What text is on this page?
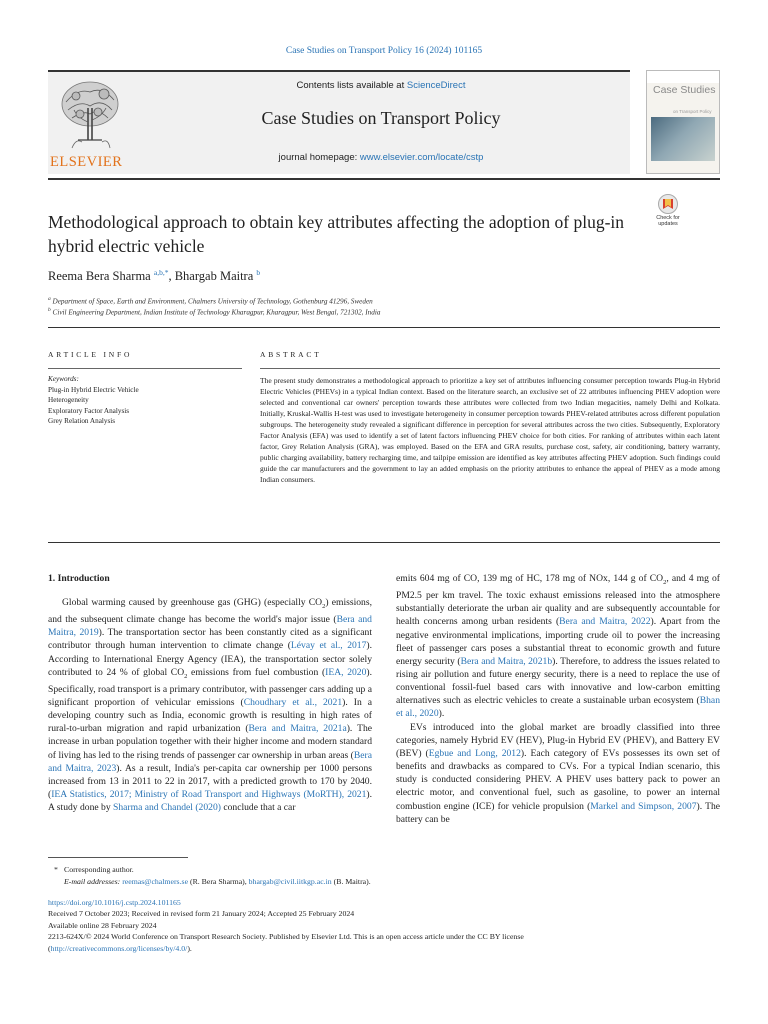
Case Studies on Transport Policy 16 (2024) 101165
ELSEVIER
Contents lists available at ScienceDirect
Case Studies on Transport Policy
journal homepage: www.elsevier.com/locate/cstp
Case Studies
on Transport Policy
Methodological approach to obtain key attributes affecting the adoption of plug-in hybrid electric vehicle
Check for
updates
Reema Bera Sharma $^{a,b,*}$, Bhargab Maitra $^b$
$^a$ Department of Space, Earth and Environment, Chalmers University of Technology, Gothenburg 41296, Sweden
$^b$ Civil Engineering Department, Indian Institute of Technology Kharagpur, Kharagpur, West Bengal, 721302, India
ARTICLE INFO	ABSTRACT
Keywords:
Plug-in Hybrid Electric Vehicle
Heterogeneity
Exploratory Factor Analysis
Grey Relation Analysis
The present study demonstrates a methodological approach to prioritize a key set of attributes influencing consumer perception towards Plug-in Hybrid Electric Vehicles (PHEVs) in a typical Indian context. Based on the literature search, an exclusive set of 22 attributes influencing PHEV adoption were selected and conventional car owners' perception towards these attributes were collected from two Indian megacities, namely Delhi and Kolkata. Initially, Kruskal-Wallis H-test was used to investigate heterogeneity in consumer perception towards PHEV-related attributes across different population subgroups. The heterogeneity study revealed a significant difference in perception for several attributes across the two cities. Subsequently, Exploratory Factor Analysis (EFA) was used to identify a set of latent factors influencing PHEV choice for both cities. For ranking of attributes within each latent factor, Grey Relation Analysis (GRA), was employed. Based on the EFA and GRA results, purchase cost, safety, air conditioning, battery warranty, public charging availability, battery recharging time, and tailpipe emission are identified as key attributes affecting PHEV adoption. Such findings could guide the car manufacturers and the government to lay an added emphasis on the priority attributes to enhance the appeal of PHEV as a mode among Indian consumers.
1. Introduction

Global warming caused by greenhouse gas (GHG) (especially $CO_2$) emissions, and the subsequent climate change has become the world's major issue (Bera and Maitra, 2019). The transportation sector has been constantly cited as a significant contributor through human intervention to climate change (Lévay et al., 2017). According to International Energy Agency (IEA), the transportation sector solely contributed to 24 % of global $CO_2$ emissions from fuel combustion (IEA, 2020). Specifically, road transport is a primary contributor, with passenger cars adding up a significant proportion of vehicular emissions (Choudhary et al., 2021). In a developing country such as India, economic growth is resulting in high rates of rural-to-urban migration and rapid urbanization (Bera and Maitra, 2021a). The increase in urban population together with their higher income and modern standard of living has led to the rising trends of passenger car ownership in urban areas (Bera and Maitra, 2023). As a result, India's per-capita car ownership per 1000 persons increased from 13 in 2011 to 22 in 2017, with a predicted growth to 170 by 2040. (IEA Statistics, 2017; Ministry of Road Transport and Highways (MoRTH), 2021). A study done by Sharma and Chandel (2020) conclude that a car

emits 604 mg of CO, 139 mg of HC, 178 mg of NOx, 144 g of $CO_2$, and 4 mg of PM2.5 per km travel. The toxic exhaust emissions released into the atmosphere substantially deteriorate the urban air quality and are subsequently accountable for health concerns among urban residents (Bera and Maitra, 2022). Apart from the negative environmental implications, importing crude oil to power the increasing fleet of passenger cars poses a substantial threat to economic growth and future energy security (Bera and Maitra, 2021b). Therefore, to address the issues related to rising air pollution and future energy security, there is a need to replace the use of conventional fossil-fuel based cars with innovative and low-carbon emitting alternatives such as electric vehicles to create a sustainable urban ecosystem (Bhan et al., 2020).

EVs introduced into the global market are broadly classified into three categories, namely Hybrid EV (HEV), Plug-in Hybrid EV (PHEV), and Battery EV (BEV) (Egbue and Long, 2012). Each category of EVs possesses its own set of benefits and drawbacks as compared to CVs. For a typical Indian scenario, this study is conducted considering PHEV. A PHEV uses battery pack to power an electric motor, and conventional fuel, such as gasoline, to power an internal combustion engine (ICE) for vehicle propulsion (Markel and Simpson, 2007). The battery can be

* Corresponding author.
E-mail addresses: reemas@chalmers.se (R. Bera Sharma), bhargab@civil.iitkgp.ac.in (B. Maitra).
https://doi.org/10.1016/j.cstp.2024.101165
Received 7 October 2023; Received in revised form 21 January 2024; Accepted 25 February 2024
Available online 28 February 2024
2213-624X/© 2024 World Conference on Transport Research Society. Published by Elsevier Ltd. This is an open access article under the CC BY license
(http://creativecommons.org/licenses/by/4.0/).
